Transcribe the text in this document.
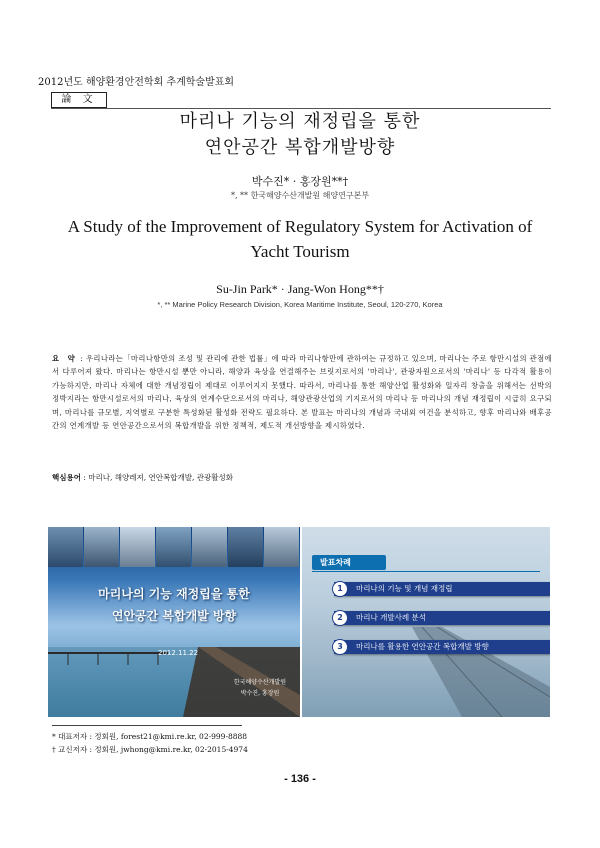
2012년도 해양환경안전학회 추계학술발표회
論 文
마리나 기능의 재정립을 통한
연안공간 복합개발방향
박수진* · 홍장원**†
*, ** 한국해양수산개발원 해양연구본부
A Study of the Improvement of Regulatory System for Activation of
Yacht Tourism
Su-Jin Park* · Jang-Won Hong**†
*, ** Marine Policy Research Division, Korea Maritime Institute, Seoul, 120-270, Korea
요 약 : 우리나라는「마리나항만의 조성 및 관리에 관한 법률」에 따라 마리나항만에 관하여는 규정하고 있으며, 마리나는 주로 항만시설의 관점에서 다루어져 왔다. 마리나는 항만시설 뿐만 아니라, 해양과 육상을 연결해주는 브릿지로서의 '마리나', 관광자원으로서의 '마리나' 등 다각적 활용이 가능하지만, 마리나 자체에 대한 개념정립이 제대로 이루어지지 못했다. 따라서, 마리나를 통한 해양산업 활성화와 일자리 창출을 위해서는 선박의 정박지라는 항만시설로서의 마리나, 육상의 연계수단으로서의 마리나, 해양관광산업의 기지로서의 마리나 등 마리나의 개념 재정립이 시급히 요구되며, 마리나를 규모별, 지역별로 구분한 특성화된 활성화 전략도 필요하다. 본 발표는 마리나의 개념과 국내외 여건을 분석하고, 향후 마리나와 배후공간의 연계개발 등 연안공간으로서의 복합개발을 위한 정책적, 제도적 개선방향을 제시하였다.
핵심용어 : 마리나, 해양레져, 연안복합개발, 관광활성화
마리나의 기능 재정립을 통한
연안공간 복합개발 방향
2012.11.22
한국해양수산개발원
박수진, 홍장원
발표차례
마리나의 기능 및 개념 재정립
1
마리나 개발사례 분석
2
마리나를 활용한 연안공간 복합개발 방향
3
* 대표저자 : 정회원, forest21@kmi.re.kr, 02-999-8888
† 교신저자 : 정회원, jwhong@kmi.re.kr, 02-2015-4974
- 136 -
